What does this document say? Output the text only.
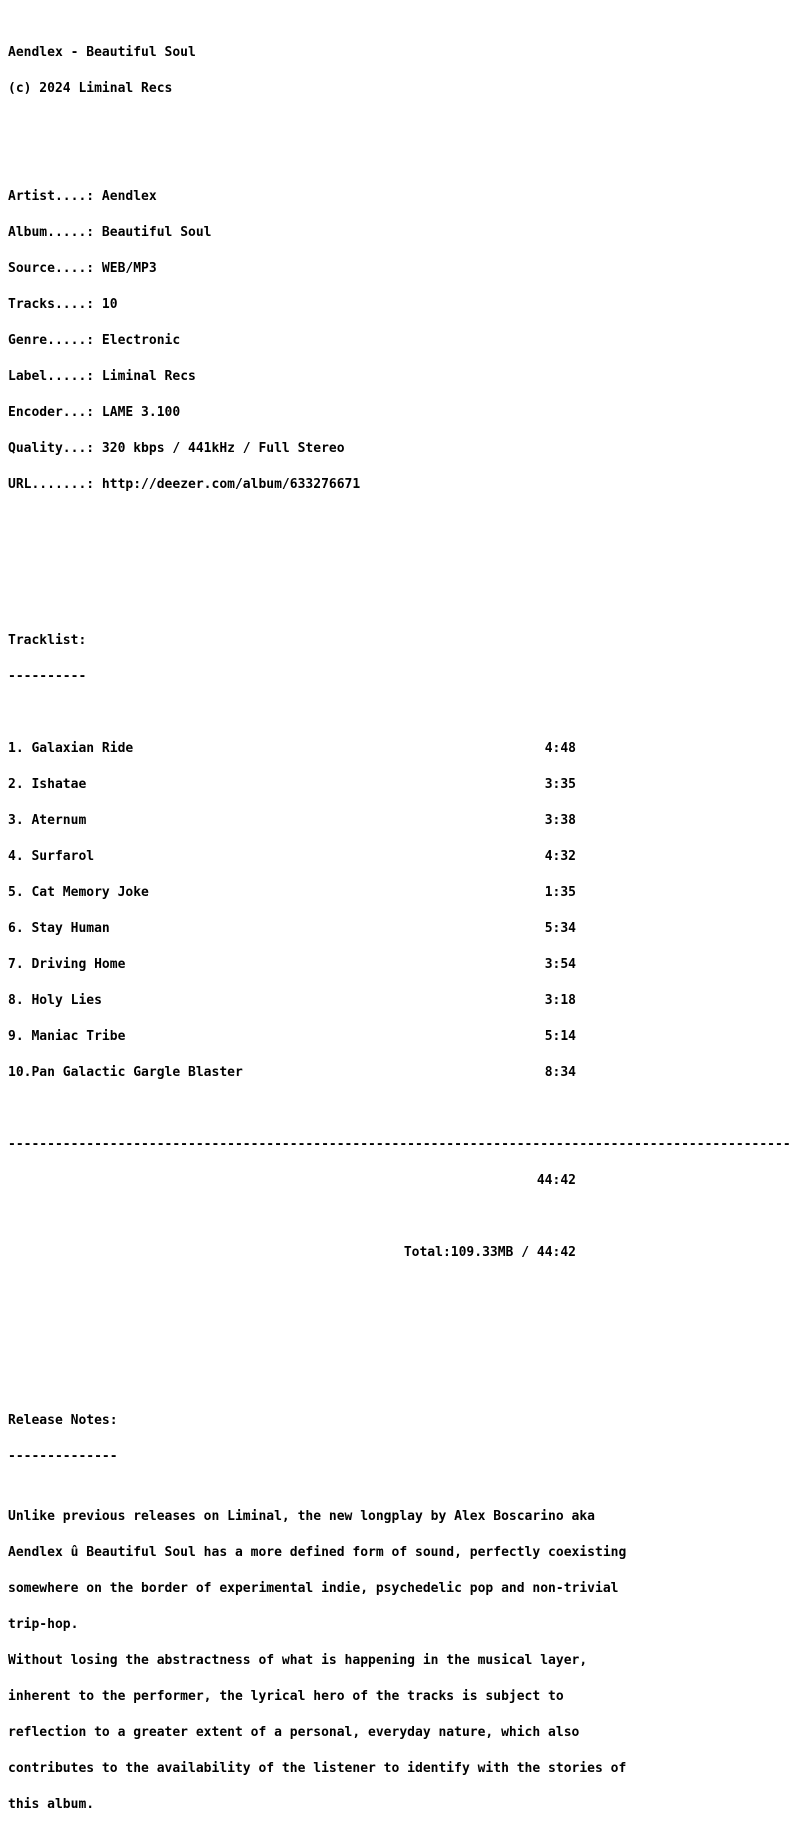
Aendlex - Beautiful Soul

(c) 2024 Liminal Recs

Artist....: Aendlex

Album.....: Beautiful Soul

Source....: WEB/MP3

Tracks....: 10

Genre.....: Electronic

Label.....: Liminal Recs

Encoder...: LAME 3.100

Quality...: 320 kbps / 441kHz / Full Stereo

URL.......: http://deezer.com/album/633276671

Tracklist:

----------

1. Galaxian Ride	4:48

2. Ishatae	3:35

3. Aternum	3:38

4. Surfarol	4:32

5. Cat Memory Joke	1:35

6. Stay Human	5:34

7. Driving Home	3:54

8. Holy Lies	3:18

9. Maniac Tribe	5:14

10.Pan Galactic Gargle Blaster	8:34

----------------------------------------------------------------------------------------------------

44:42

Total:109.33MB / 44:42

Release Notes:

--------------

Unlike previous releases on Liminal, the new longplay by Alex Boscarino aka

Aendlex û Beautiful Soul has a more defined form of sound, perfectly coexisting

somewhere on the border of experimental indie, psychedelic pop and non-trivial

trip-hop.

Without losing the abstractness of what is happening in the musical layer,

inherent to the performer, the lyrical hero of the tracks is subject to

reflection to a greater extent of a personal, everyday nature, which also

contributes to the availability of the listener to identify with the stories of

this album.
